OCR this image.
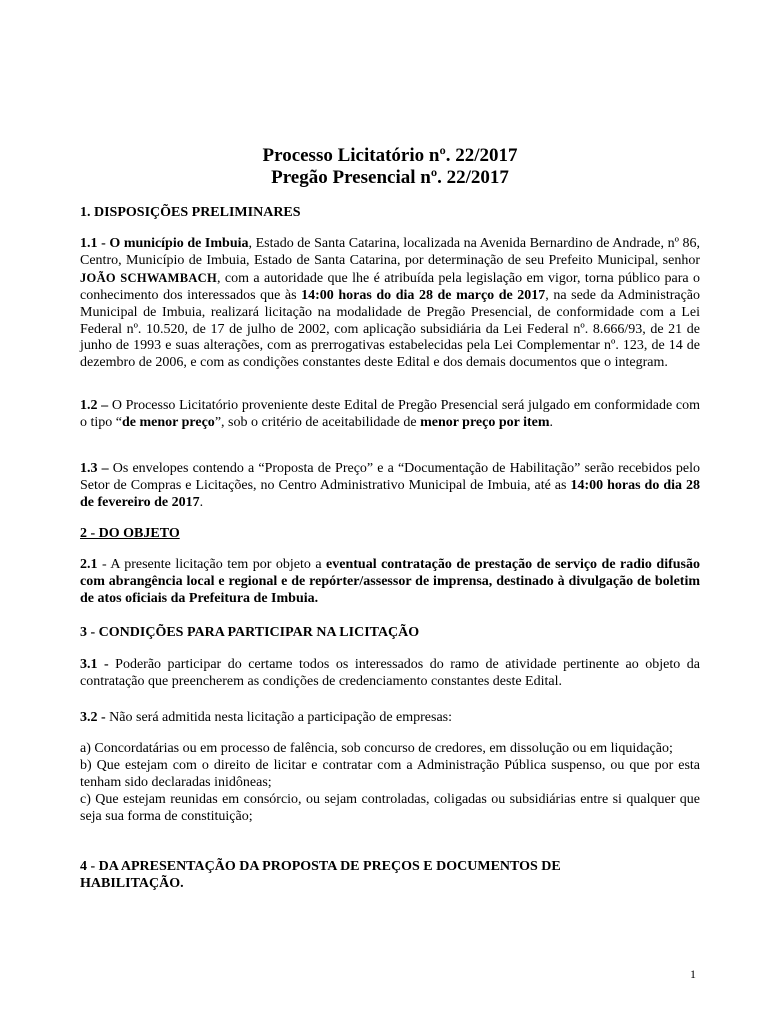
Processo Licitatório nº. 22/2017
Pregão Presencial nº. 22/2017
1. DISPOSIÇÕES PRELIMINARES
1.1 - O município de Imbuia, Estado de Santa Catarina, localizada na Avenida Bernardino de Andrade, nº 86, Centro, Município de Imbuia, Estado de Santa Catarina, por determinação de seu Prefeito Municipal, senhor JOÃO SCHWAMBACH, com a autoridade que lhe é atribuída pela legislação em vigor, torna público para o conhecimento dos interessados que às 14:00 horas do dia 28 de março de 2017, na sede da Administração Municipal de Imbuia, realizará licitação na modalidade de Pregão Presencial, de conformidade com a Lei Federal nº. 10.520, de 17 de julho de 2002, com aplicação subsidiária da Lei Federal nº. 8.666/93, de 21 de junho de 1993 e suas alterações, com as prerrogativas estabelecidas pela Lei Complementar nº. 123, de 14 de dezembro de 2006, e com as condições constantes deste Edital e dos demais documentos que o integram.
1.2 – O Processo Licitatório proveniente deste Edital de Pregão Presencial será julgado em conformidade com o tipo “de menor preço”, sob o critério de aceitabilidade de menor preço por item.
1.3 – Os envelopes contendo a “Proposta de Preço” e a “Documentação de Habilitação” serão recebidos pelo Setor de Compras e Licitações, no Centro Administrativo Municipal de Imbuia, até as 14:00 horas do dia 28 de fevereiro de 2017.
2 - DO OBJETO
2.1 - A presente licitação tem por objeto a eventual contratação de prestação de serviço de radio difusão com abrangência local e regional e de repórter/assessor de imprensa, destinado à divulgação de boletim de atos oficiais da Prefeitura de Imbuia.
3 - CONDIÇÕES PARA PARTICIPAR NA LICITAÇÃO
3.1 - Poderão participar do certame todos os interessados do ramo de atividade pertinente ao objeto da contratação que preencherem as condições de credenciamento constantes deste Edital.
3.2 - Não será admitida nesta licitação a participação de empresas:
a) Concordatárias ou em processo de falência, sob concurso de credores, em dissolução ou em liquidação;
b) Que estejam com o direito de licitar e contratar com a Administração Pública suspenso, ou que por esta tenham sido declaradas inidôneas;
c) Que estejam reunidas em consórcio, ou sejam controladas, coligadas ou subsidiárias entre si qualquer que seja sua forma de constituição;
4 - DA APRESENTAÇÃO DA PROPOSTA DE PREÇOS E DOCUMENTOS DE HABILITAÇÃO.
1
